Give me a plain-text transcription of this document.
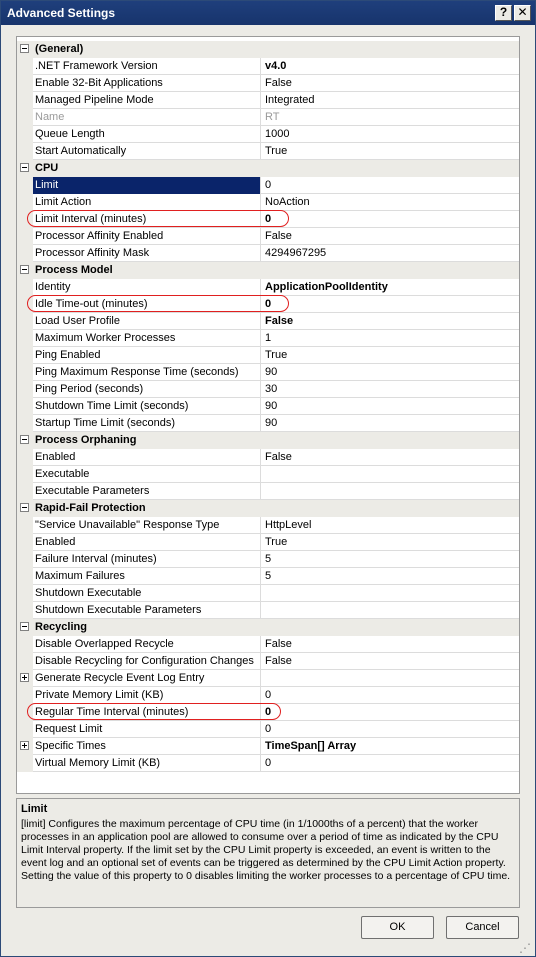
Advanced Settings	? ✕
(General)
.NET Framework Version	v4.0
Enable 32-Bit Applications	False
Managed Pipeline Mode	Integrated
Name	RT
Queue Length	1000
Start Automatically	True
CPU
Limit	0
Limit Action	NoAction
Limit Interval (minutes)	0
Processor Affinity Enabled	False
Processor Affinity Mask	4294967295
Process Model
Identity	ApplicationPoolIdentity
Idle Time-out (minutes)	0
Load User Profile	False
Maximum Worker Processes	1
Ping Enabled	True
Ping Maximum Response Time (seconds)	90
Ping Period (seconds)	30
Shutdown Time Limit (seconds)	90
Startup Time Limit (seconds)	90
Process Orphaning
Enabled	False
Executable
Executable Parameters
Rapid-Fail Protection
"Service Unavailable" Response Type	HttpLevel
Enabled	True
Failure Interval (minutes)	5
Maximum Failures	5
Shutdown Executable
Shutdown Executable Parameters
Recycling
Disable Overlapped Recycle	False
Disable Recycling for Configuration Changes	False
Generate Recycle Event Log Entry
Private Memory Limit (KB)	0
Regular Time Interval (minutes)	0
Request Limit	0
Specific Times	TimeSpan[] Array
Virtual Memory Limit (KB)	0
Limit
[limit] Configures the maximum percentage of CPU time (in 1/1000ths of a percent) that the worker processes in an application pool are allowed to consume over a period of time as indicated by the CPU Limit Interval property. If the limit set by the CPU Limit property is exceeded, an event is written to the event log and an optional set of events can be triggered as determined by the CPU Limit Action property. Setting the value of this property to 0 disables limiting the worker processes to a percentage of CPU time.
OK	Cancel
⋰
